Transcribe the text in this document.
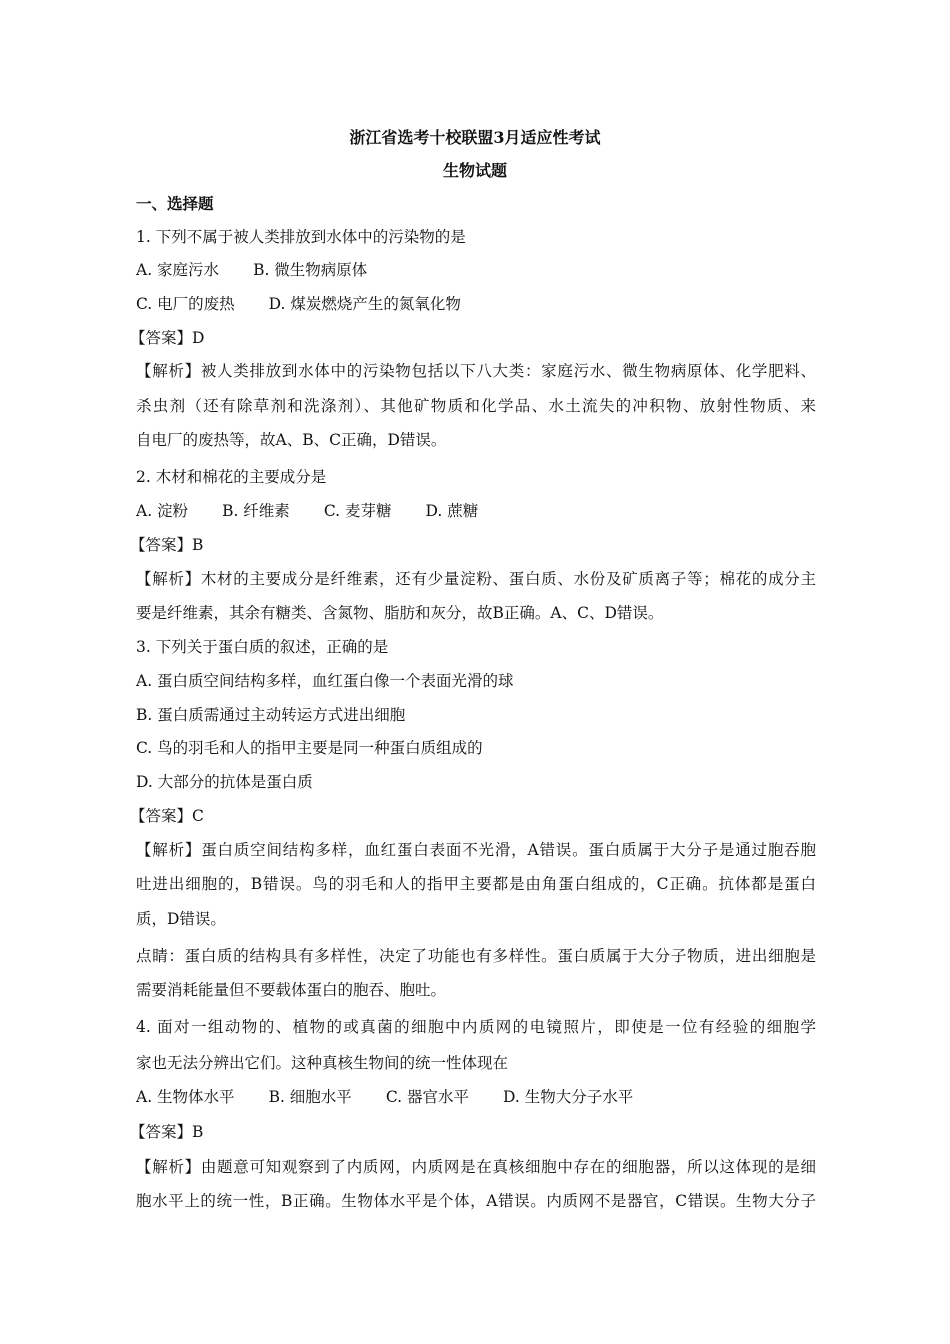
浙江省选考十校联盟3月适应性考试
生物试题
一、选择题
1. 下列不属于被人类排放到水体中的污染物的是
A. 家庭污水 B. 微生物病原体
C. 电厂的废热 D. 煤炭燃烧产生的氮氧化物
【答案】D
【解析】被人类排放到水体中的污染物包括以下八大类：家庭污水、微生物病原体、化学肥料、
杀虫剂（还有除草剂和洗涤剂）、其他矿物质和化学品、水土流失的冲积物、放射性物质、来
自电厂的废热等，故A、B、C正确，D错误。
2. 木材和棉花的主要成分是
A. 淀粉 B. 纤维素 C. 麦芽糖 D. 蔗糖
【答案】B
【解析】木材的主要成分是纤维素，还有少量淀粉、蛋白质、水份及矿质离子等；棉花的成分主
要是纤维素，其余有糖类、含氮物、脂肪和灰分，故B正确。A、C、D错误。
3. 下列关于蛋白质的叙述，正确的是
A. 蛋白质空间结构多样，血红蛋白像一个表面光滑的球
B. 蛋白质需通过主动转运方式进出细胞
C. 鸟的羽毛和人的指甲主要是同一种蛋白质组成的
D. 大部分的抗体是蛋白质
【答案】C
【解析】蛋白质空间结构多样，血红蛋白表面不光滑，A错误。蛋白质属于大分子是通过胞吞胞
吐进出细胞的，B错误。鸟的羽毛和人的指甲主要都是由角蛋白组成的，C正确。抗体都是蛋白
质，D错误。
点睛：蛋白质的结构具有多样性，决定了功能也有多样性。蛋白质属于大分子物质，进出细胞是
需要消耗能量但不要载体蛋白的胞吞、胞吐。
4. 面对一组动物的、植物的或真菌的细胞中内质网的电镜照片，即使是一位有经验的细胞学
家也无法分辨出它们。这种真核生物间的统一性体现在
A. 生物体水平 B. 细胞水平 C. 器官水平 D. 生物大分子水平
【答案】B
【解析】由题意可知观察到了内质网，内质网是在真核细胞中存在的细胞器，所以这体现的是细
胞水平上的统一性，B正确。生物体水平是个体，A错误。内质网不是器官，C错误。生物大分子
